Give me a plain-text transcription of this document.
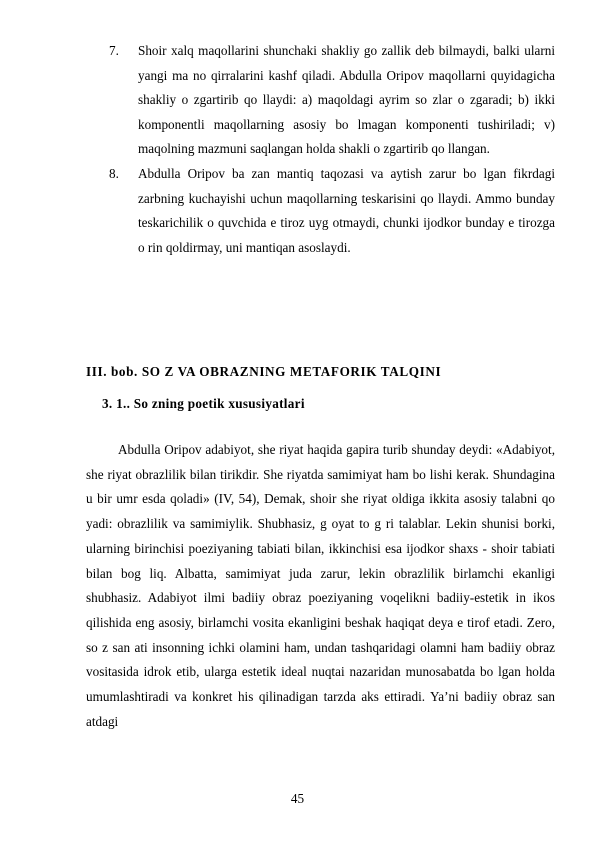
7.	Shoir xalq maqollarini shunchaki shakliy go zallik deb bilmaydi, balki ularni yangi ma no qirralarini kashf qiladi. Abdulla Oripov maqollarni quyidagicha shakliy o zgartirib qo llaydi: a) maqoldagi ayrim so zlar o zgaradi; b) ikki komponentli maqollarning asosiy bo lmagan komponenti tushiriladi; v) maqolning mazmuni saqlangan holda shakli o zgartirib qo llangan.
8.	Abdulla Oripov ba zan mantiq taqozasi va aytish zarur bo lgan fikrdagi zarbning kuchayishi uchun maqollarning teskarisini qo llaydi. Ammo bunday teskarichilik o quvchida e tiroz uyg otmaydi, chunki ijodkor bunday e tirozga o rin qoldirmay, uni mantiqan asoslaydi.
III. bob. SO Z VA OBRAZNING METAFORIK TALQINI
3. 1.. So zning poetik xususiyatlari

Abdulla Oripov adabiyot, she riyat haqida gapira turib shunday deydi: «Adabiyot, she riyat obrazlilik bilan tirikdir. She riyatda samimiyat ham bo lishi kerak. Shundagina u bir umr esda qoladi» (IV, 54), Demak, shoir she riyat oldiga ikkita asosiy talabni qo yadi: obrazlilik va samimiylik. Shubhasiz, g oyat to g ri talablar. Lekin shunisi borki, ularning birinchisi poeziyaning tabiati bilan, ikkinchisi esa ijodkor shaxs - shoir tabiati bilan bog liq. Albatta, samimiyat juda zarur, lekin obrazlilik birlamchi ekanligi shubhasiz. Adabiyot ilmi badiiy obraz poeziyaning voqelikni badiiy-estetik in ikos qilishida eng asosiy, birlamchi vosita ekanligini beshak haqiqat deya e tirof etadi. Zero, so z san ati insonning ichki olamini ham, undan tashqaridagi olamni ham badiiy obraz vositasida idrok etib, ularga estetik ideal nuqtai nazaridan munosabatda bo lgan holda umumlashtiradi va konkret his qilinadigan tarzda aks ettiradi. Ya’ni badiiy obraz san atdagi

45
